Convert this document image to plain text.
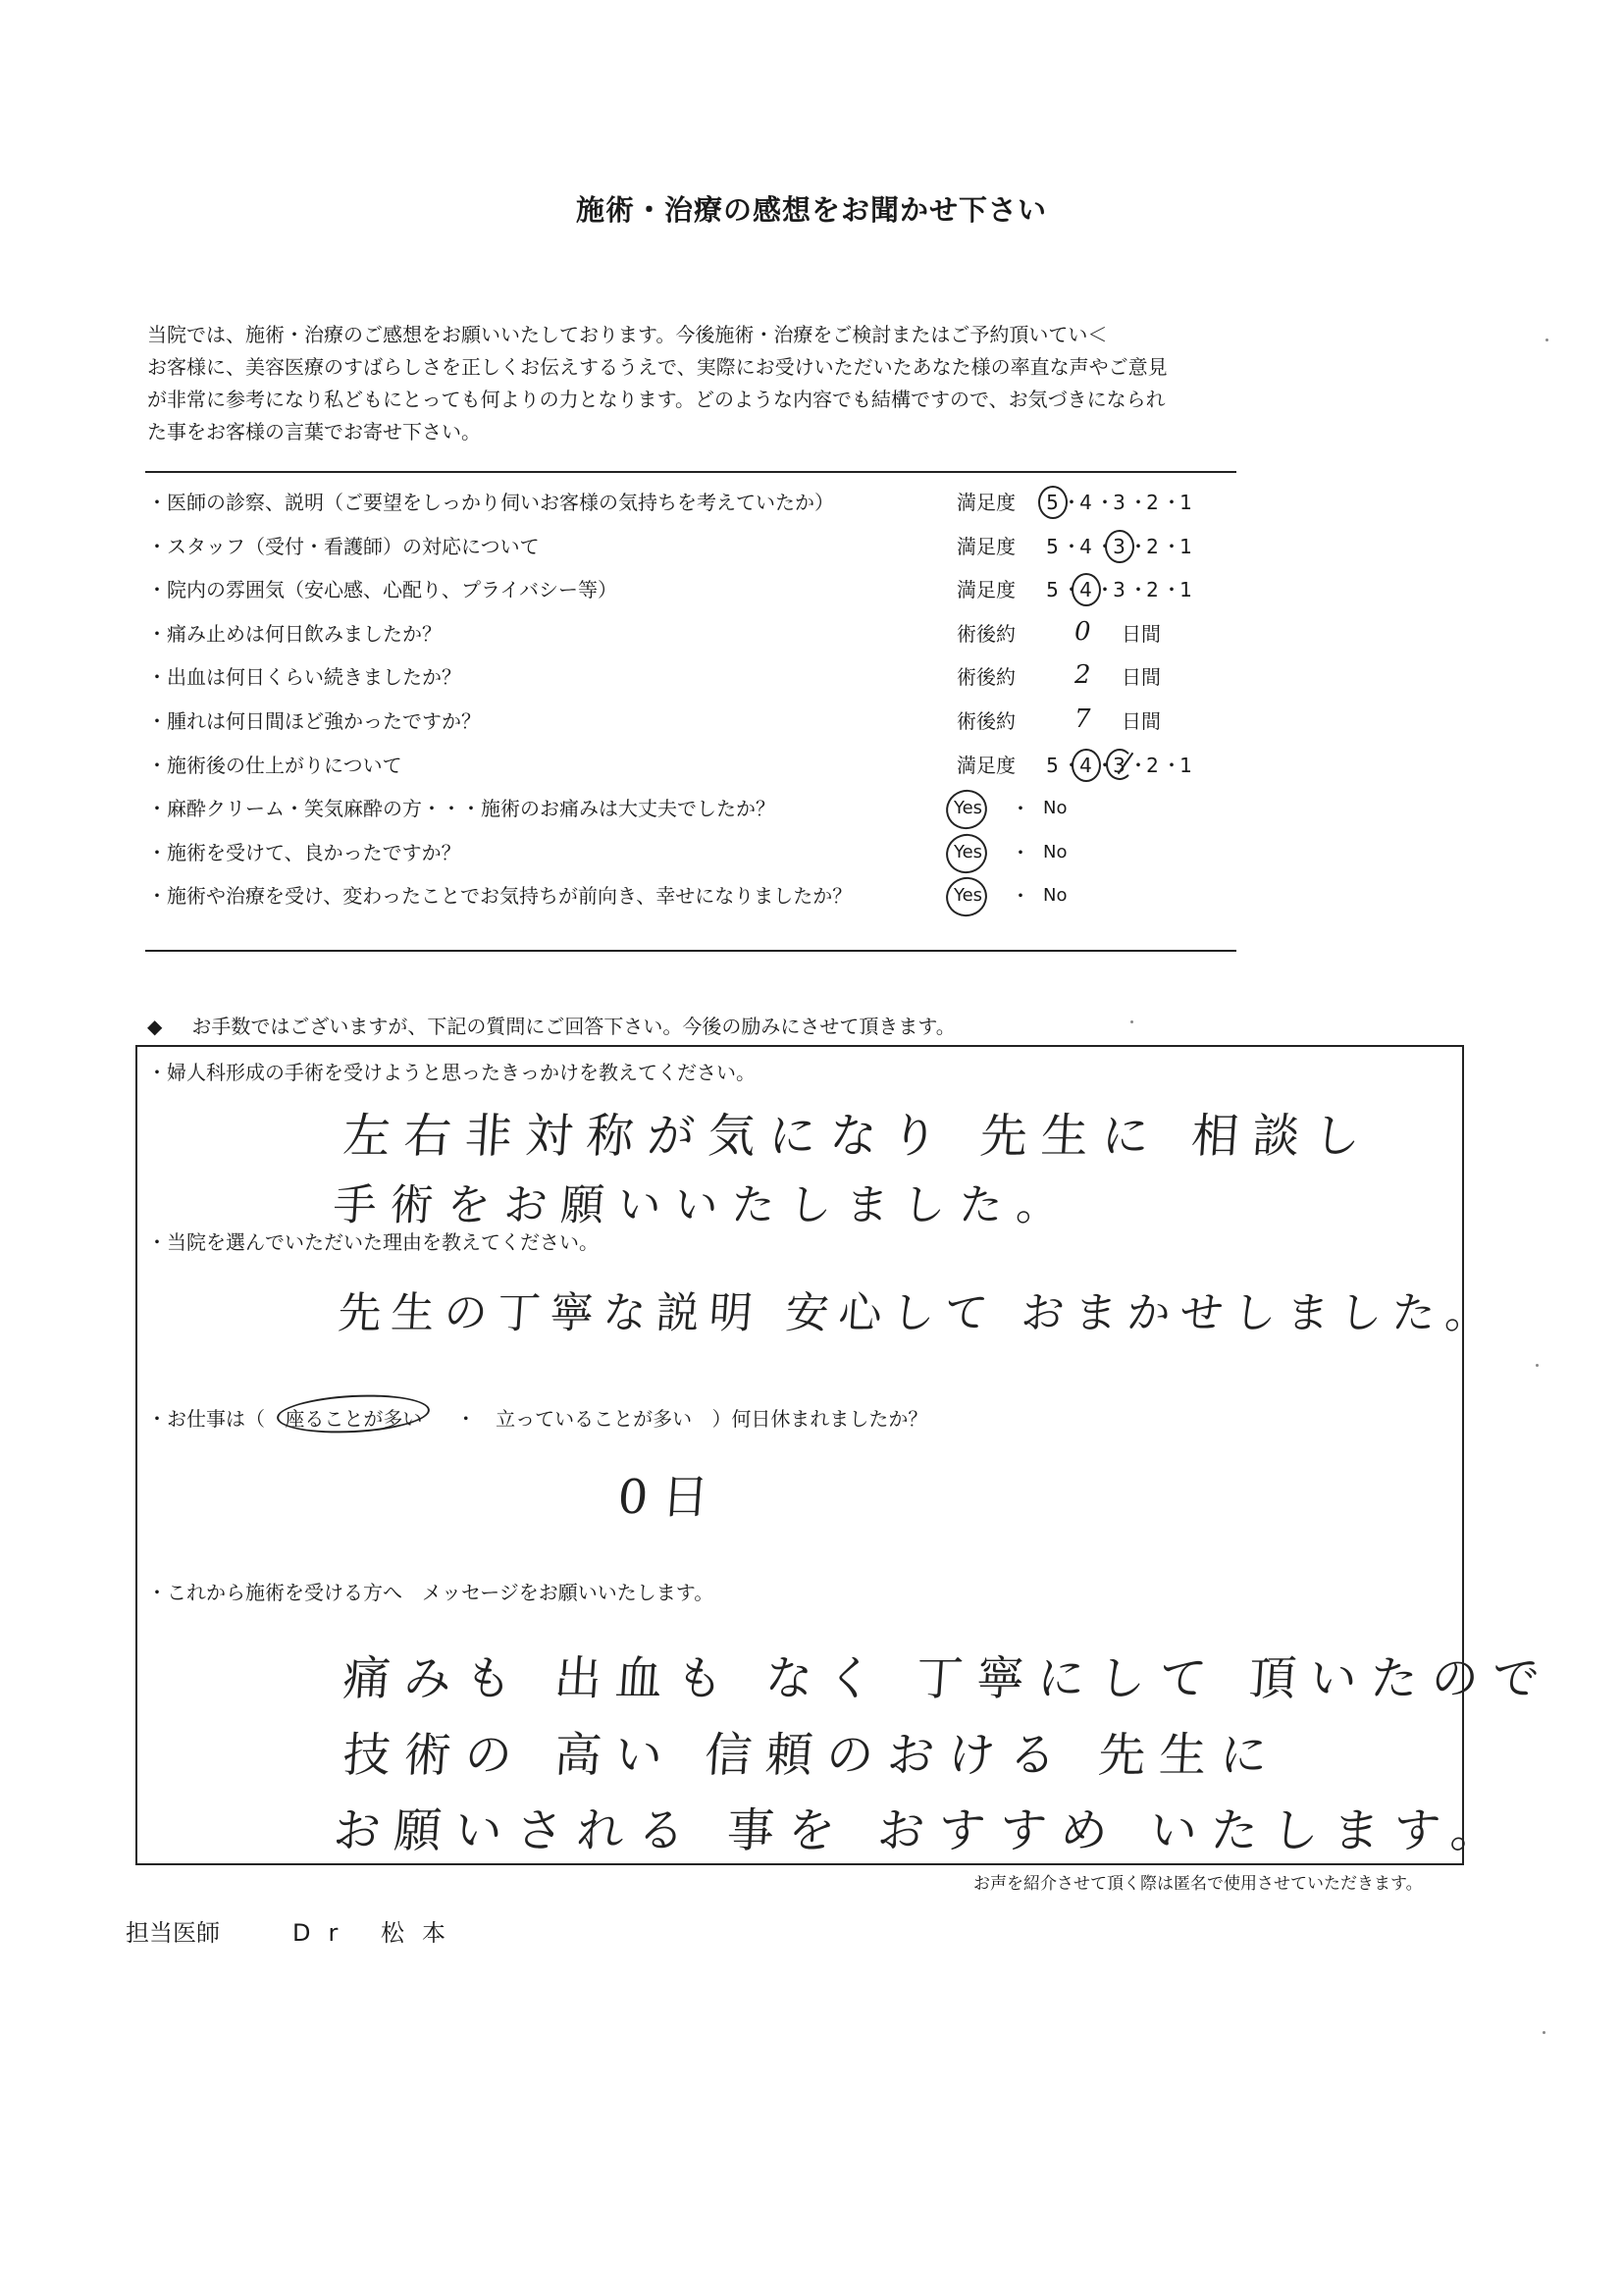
施術・治療の感想をお聞かせ下さい
当院では、施術・治療のご感想をお願いいたしております。今後施術・治療をご検討またはご予約頂いてい＜
お客様に、美容医療のすばらしさを正しくお伝えするうえで、実際にお受けいただいたあなた様の率直な声やご意見
が非常に参考になり私どもにとっても何よりの力となります。どのような内容でも結構ですので、お気づきになられ
た事をお客様の言葉でお寄せ下さい。
・医師の診察、説明（ご要望をしっかり伺いお客様の気持ちを考えていたか）	満足度 5 ・4 ・3 ・2 ・1
・スタッフ（受付・看護師）の対応について	満足度 5 ・4 ・3 ・2 ・1
・院内の雰囲気（安心感、心配り、プライバシー等）	満足度 5 ・4 ・3 ・2 ・1
・痛み止めは何日飲みましたか？	術後約 0 日間
・出血は何日くらい続きましたか？	術後約 2 日間
・腫れは何日間ほど強かったですか？	術後約 7 日間
・施術後の仕上がりについて	満足度 5 ・4 ・3 ・2 ・1
・麻酔クリーム・笑気麻酔の方・・・施術のお痛みは大丈夫でしたか？	Yes ・ No
・施術を受けて、良かったですか？	Yes ・ No
・施術や治療を受け、変わったことでお気持ちが前向き、幸せになりましたか？	Yes ・ No
◆ お手数ではございますが、下記の質問にご回答下さい。今後の励みにさせて頂きます。
・婦人科形成の手術を受けようと思ったきっかけを教えてください。
左右非対称が気になり 先生に 相談し
手術をお願いいたしました。
・当院を選んでいただいた理由を教えてください。
先生の丁寧な説明 安心して おまかせしました。
・お仕事は（ 座ることが多い ・ 立っていることが多い ）何日休まれましたか？
0日
・これから施術を受ける方へ　メッセージをお願いいたします。
痛みも 出血も なく 丁寧にして 頂いたので
技術の 高い 信頼のおける 先生に
お願いされる 事を おすすめ いたします。
お声を紹介させて頂く際は匿名で使用させていただきます。
担当医師	Dr 松本
